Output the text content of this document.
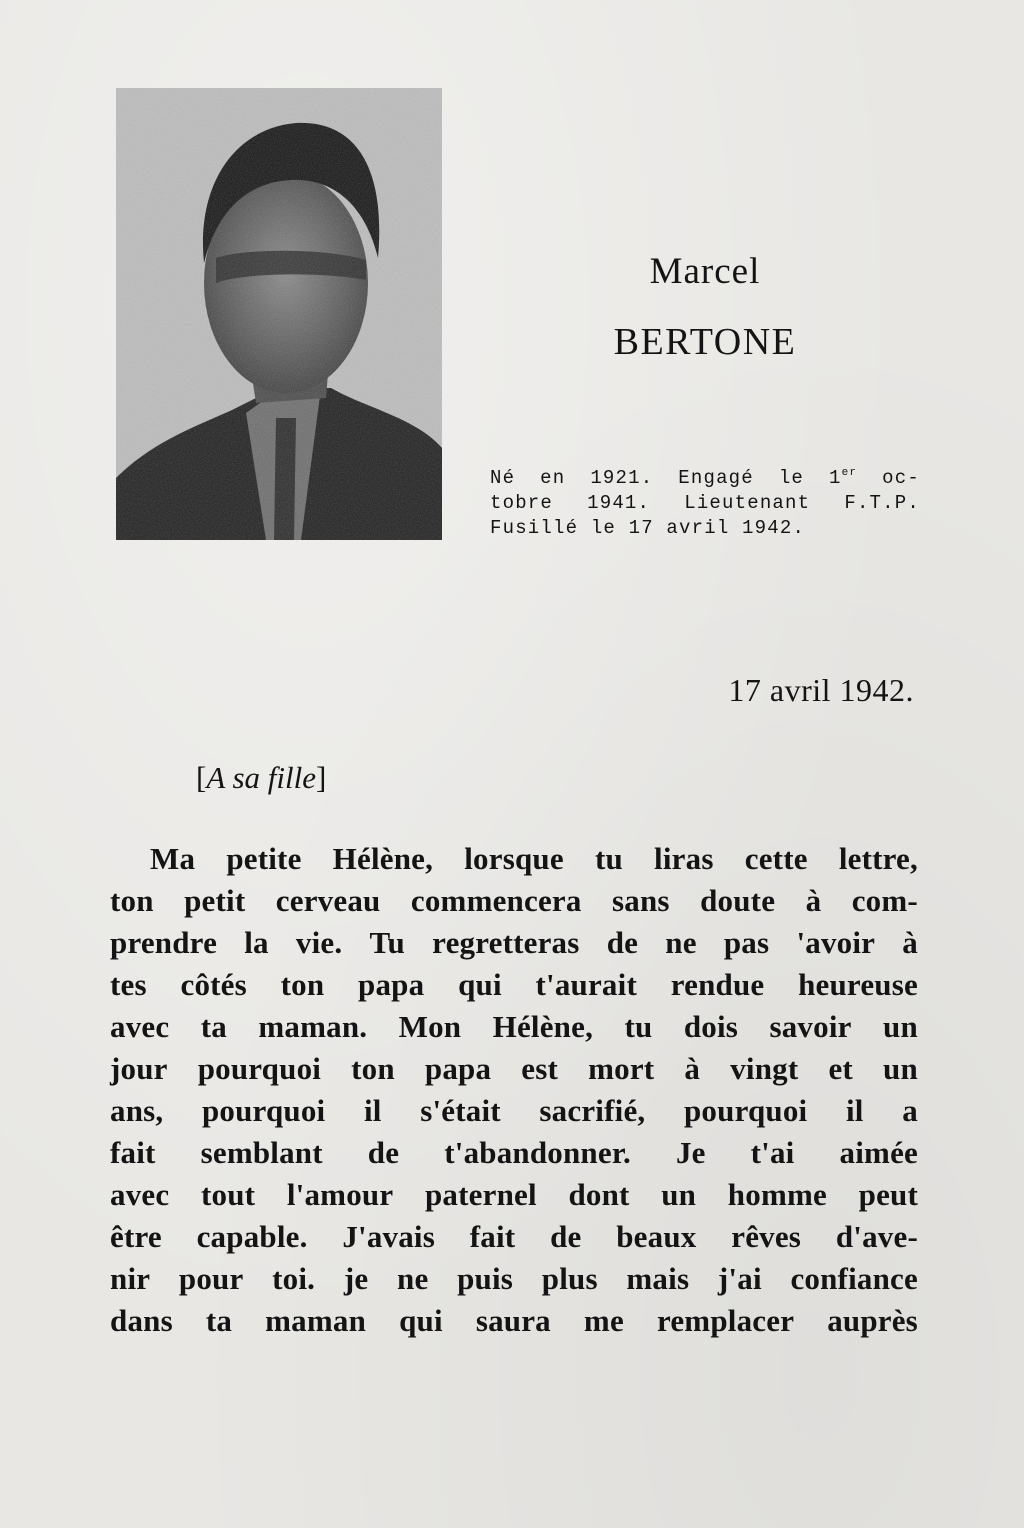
Marcel
BERTONE
Né en 1921. Engagé le 1er oc-
tobre 1941. Lieutenant F.T.P.
Fusillé le 17 avril 1942.
17 avril 1942.
[A sa fille]
Ma petite Hélène, lorsque tu liras cette lettre,
ton petit cerveau commencera sans doute à com-
prendre la vie. Tu regretteras de ne pas 'avoir à
tes côtés ton papa qui t'aurait rendue heureuse
avec ta maman. Mon Hélène, tu dois savoir un
jour pourquoi ton papa est mort à vingt et un
ans, pourquoi il s'était sacrifié, pourquoi il a
fait semblant de t'abandonner. Je t'ai aimée
avec tout l'amour paternel dont un homme peut
être capable. J'avais fait de beaux rêves d'ave-
nir pour toi. je ne puis plus mais j'ai confiance
dans ta maman qui saura me remplacer auprès
